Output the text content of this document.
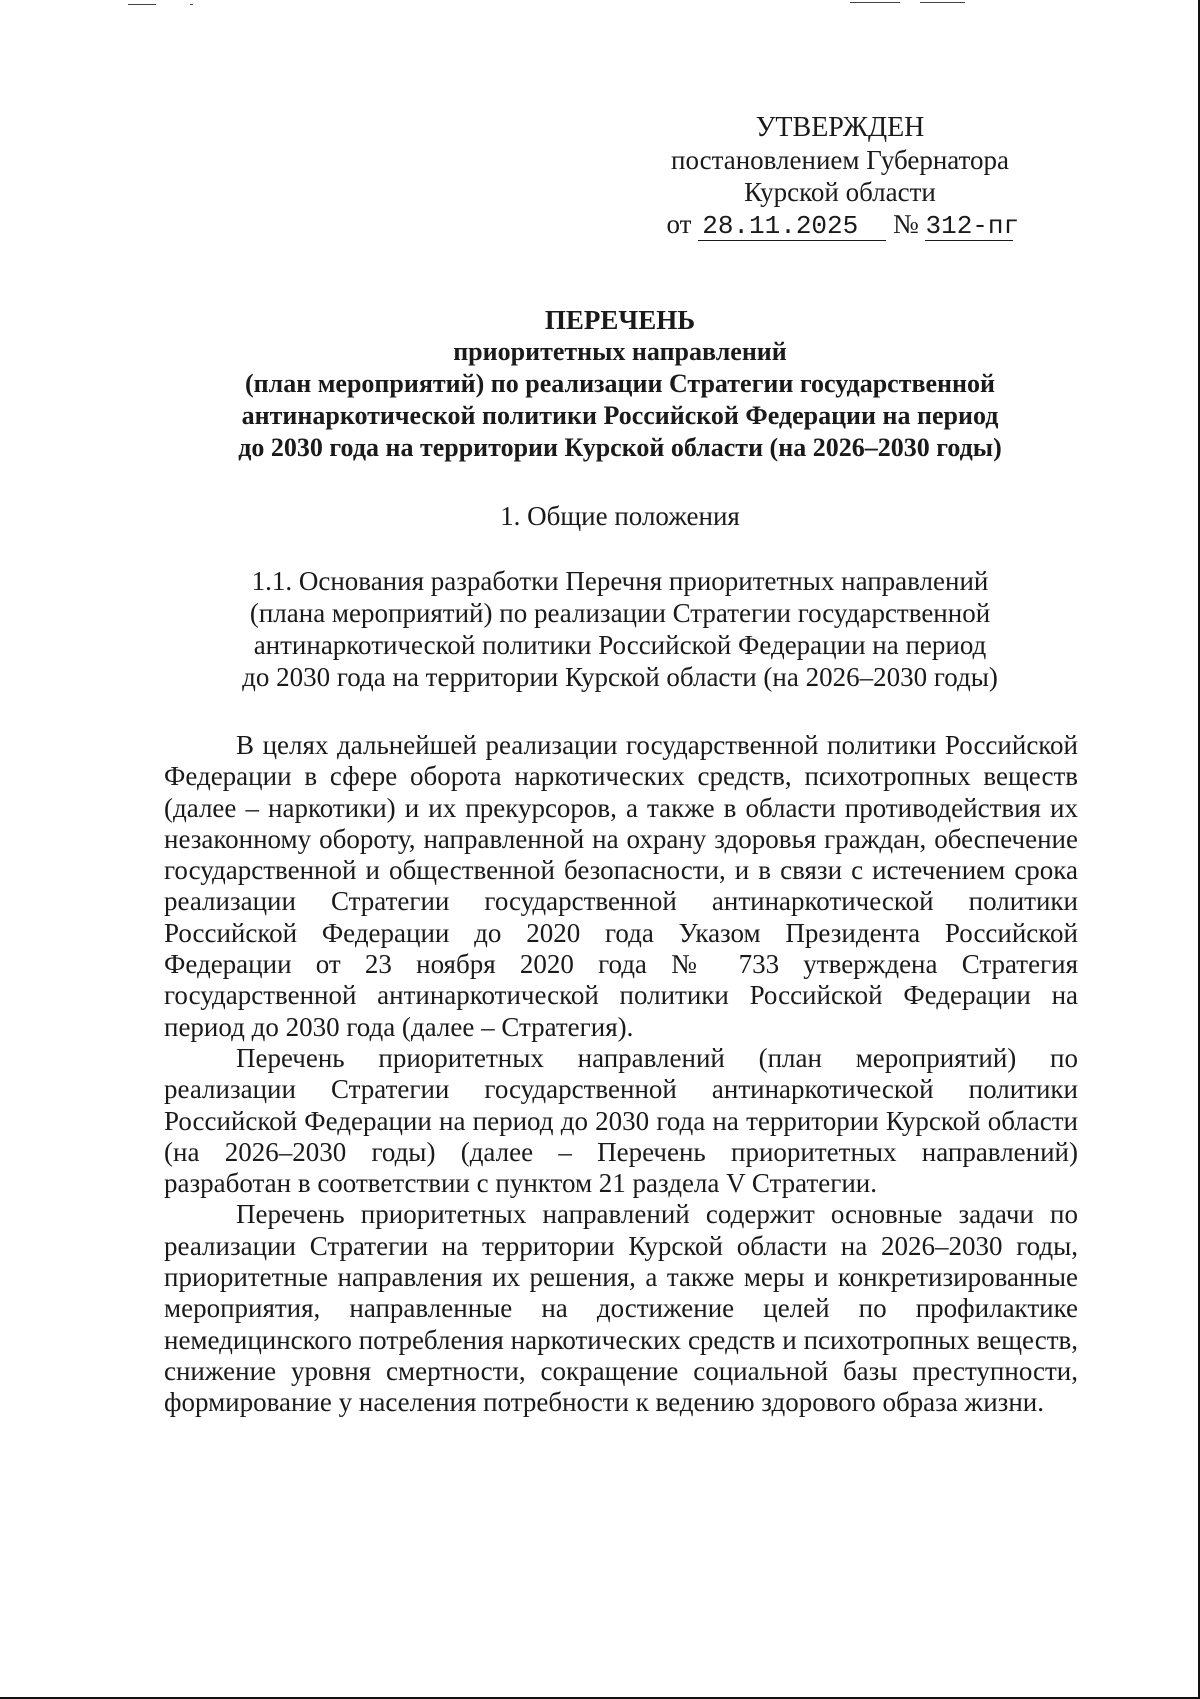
УТВЕРЖДЕН
постановлением Губернатора
Курской области
от 28.11.2025 № 312-пг
ПЕРЕЧЕНЬ
приоритетных направлений
(план мероприятий) по реализации Стратегии государственной
антинаркотической политики Российской Федерации на период
до 2030 года на территории Курской области (на 2026–2030 годы)
1. Общие положения
1.1. Основания разработки Перечня приоритетных направлений
(плана мероприятий) по реализации Стратегии государственной
антинаркотической политики Российской Федерации на период
до 2030 года на территории Курской области (на 2026–2030 годы)

В целях дальнейшей реализации государственной политики Российской Федерации в сфере оборота наркотических средств, психотропных веществ (далее – наркотики) и их прекурсоров, а также в области противодействия их незаконному обороту, направленной на охрану здоровья граждан, обеспечение государственной и общественной безопасности, и в связи с истечением срока реализации Стратегии государственной антинаркотической политики Российской Федерации до 2020 года Указом Президента Российской Федерации от 23 ноября 2020 года № 733 утверждена Стратегия государственной антинаркотической политики Российской Федерации на период до 2030 года (далее – Стратегия).

Перечень приоритетных направлений (план мероприятий) по реализации Стратегии государственной антинаркотической политики Российской Федерации на период до 2030 года на территории Курской области (на 2026–2030 годы) (далее – Перечень приоритетных направлений) разработан в соответствии с пунктом 21 раздела V Стратегии.

Перечень приоритетных направлений содержит основные задачи по реализации Стратегии на территории Курской области на 2026–2030 годы, приоритетные направления их решения, а также меры и конкретизированные мероприятия, направленные на достижение целей по профилактике немедицинского потребления наркотических средств и психотропных веществ, снижение уровня смертности, сокращение социальной базы преступности, формирование у населения потребности к ведению здорового образа жизни.
